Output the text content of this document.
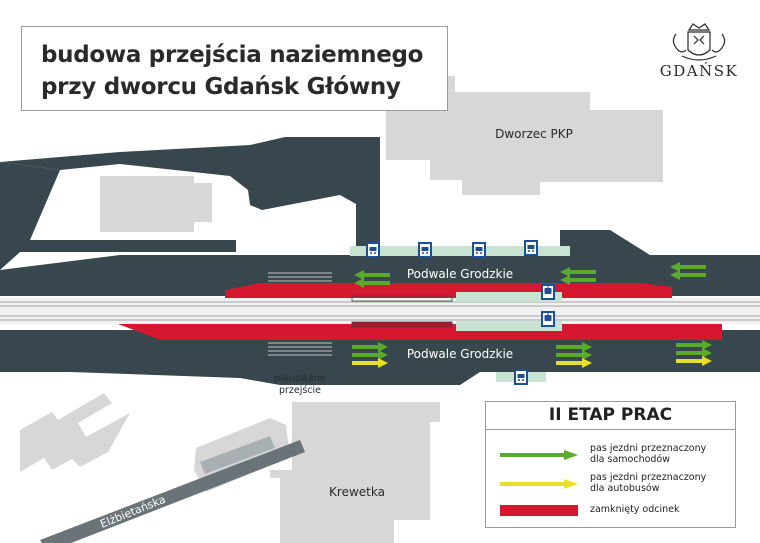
Dworzec PKP
Podwale Grodzkie
Podwale Grodzkie
planowane
przejście
Krewetka
Elżbietańska
budowa przejścia naziemnego
przy dworcu Gdańsk Główny
GDAŃSK
II ETAP PRAC
pas jezdni przeznaczony
dla samochodów
pas jezdni przeznaczony
dla autobusów
zamknięty odcinek
